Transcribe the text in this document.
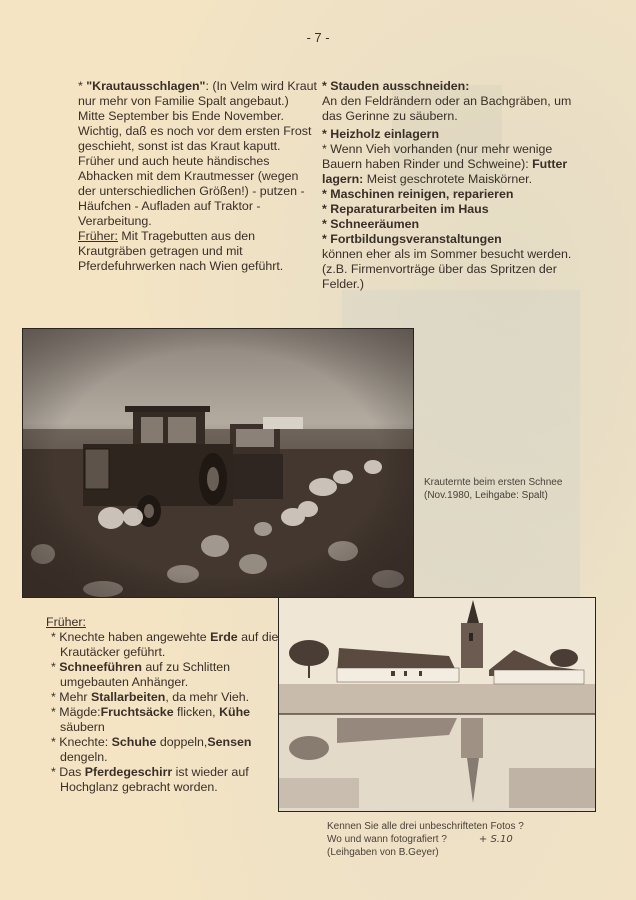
- 7 -

* "Krautausschlagen": (In Velm wird Kraut nur mehr von Familie Spalt angebaut.) Mitte September bis Ende November. Wichtig, daß es noch vor dem ersten Frost geschieht, sonst ist das Kraut kaputt. Früher und auch heute händisches Abhacken mit dem Krautmesser (wegen der unterschiedlichen Größen!) - putzen - Häufchen - Aufladen auf Traktor - Verarbeitung.

Früher: Mit Tragebutten aus den Krautgräben getragen und mit Pferdefuhrwerken nach Wien geführt.

* Stauden ausschneiden:
An den Feldrändern oder an Bachgräben, um das Gerinne zu säubern.
* Heizholz einlagern
* Wenn Vieh vorhanden (nur mehr wenige Bauern haben Rinder und Schweine): Futter lagern: Meist geschrotete Maiskörner.
* Maschinen reinigen, reparieren
* Reparaturarbeiten im Haus
* Schneeräumen
* Fortbildungsveranstaltungen
können eher als im Sommer besucht werden. (z.B. Firmenvorträge über das Spritzen der Felder.)
Krauternte beim ersten Schnee
(Nov.1980, Leihgabe: Spalt)
Früher:
* Knechte haben angewehte Erde auf die Krautäcker geführt.
* Schneeführen auf zu Schlitten umgebauten Anhänger.
* Mehr Stallarbeiten, da mehr Vieh.
* Mägde:Fruchtsäcke flicken, Kühe säubern
* Knechte: Schuhe doppeln,Sensen dengeln.
* Das Pferdegeschirr ist wieder auf Hochglanz gebracht worden.
Kennen Sie alle drei unbeschrifteten Fotos ?
Wo und wann fotografiert ?	+ S.10
(Leihgaben von B.Geyer)
